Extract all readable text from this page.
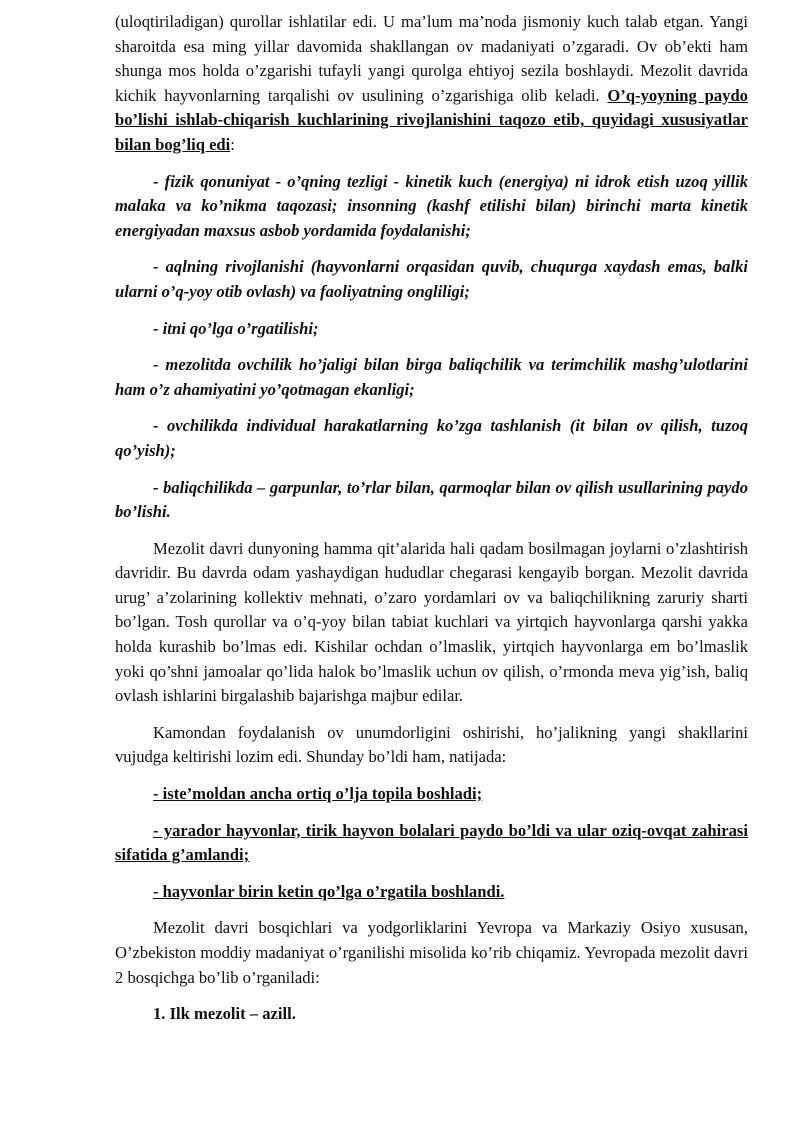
(uloqtiriladigan) qurollar ishlatilar edi. U ma’lum ma’noda jismoniy kuch talab etgan. Yangi sharoitda esa ming yillar davomida shakllangan ov madaniyati o’zgaradi. Ov ob’ekti ham shunga mos holda o’zgarishi tufayli yangi qurolga ehtiyoj sezila boshlaydi. Mezolit davrida kichik hayvonlarning tarqalishi ov usulining o’zgarishiga olib keladi. O’q-yoyning paydo bo’lishi ishlab-chiqarish kuchlarining rivojlanishini taqozo etib, quyidagi xususiyatlar bilan bog’liq edi:

- fizik qonuniyat - o’qning tezligi - kinetik kuch (energiya) ni idrok etish uzoq yillik malaka va ko’nikma taqozasi; insonning (kashf etilishi bilan) birinchi marta kinetik energiyadan maxsus asbob yordamida foydalanishi;

- aqlning rivojlanishi (hayvonlarni orqasidan quvib, chuqurga xaydash emas, balki ularni o’q-yoy otib ovlash) va faoliyatning ongliligi;

- itni qo’lga o’rgatilishi;

- mezolitda ovchilik ho’jaligi bilan birga baliqchilik va terimchilik mashg’ulotlarini ham o’z ahamiyatini yo’qotmagan ekanligi;

- ovchilikda individual harakatlarning ko’zga tashlanish (it bilan ov qilish, tuzoq qo’yish);

- baliqchilikda – garpunlar, to’rlar bilan, qarmoqlar bilan ov qilish usullarining paydo bo’lishi.

Mezolit davri dunyoning hamma qit’alarida hali qadam bosilmagan joylarni o’zlashtirish davridir. Bu davrda odam yashaydigan hududlar chegarasi kengayib borgan. Mezolit davrida urug’ a’zolarining kollektiv mehnati, o’zaro yordamlari ov va baliqchilikning zaruriy sharti bo’lgan. Tosh qurollar va o’q-yoy bilan tabiat kuchlari va yirtqich hayvonlarga qarshi yakka holda kurashib bo’lmas edi. Kishilar ochdan o’lmaslik, yirtqich hayvonlarga em bo’lmaslik yoki qo’shni jamoalar qo’lida halok bo’lmaslik uchun ov qilish, o’rmonda meva yig’ish, baliq ovlash ishlarini birgalashib bajarishga majbur edilar.

Kamondan foydalanish ov unumdorligini oshirishi, ho’jalikning yangi shakllarini vujudga keltirishi lozim edi. Shunday bo’ldi ham, natijada:

- iste’moldan ancha ortiq o’lja topila boshladi;

- yarador hayvonlar, tirik hayvon bolalari paydo bo’ldi va ular oziq-ovqat zahirasi sifatida g’amlandi;

- hayvonlar birin ketin qo’lga o’rgatila boshlandi.

Mezolit davri bosqichlari va yodgorliklarini Yevropa va Markaziy Osiyo xususan, O’zbekiston moddiy madaniyat o’rganilishi misolida ko’rib chiqamiz. Yevropada mezolit davri 2 bosqichga bo’lib o’rganiladi:

1. Ilk mezolit – azill.
